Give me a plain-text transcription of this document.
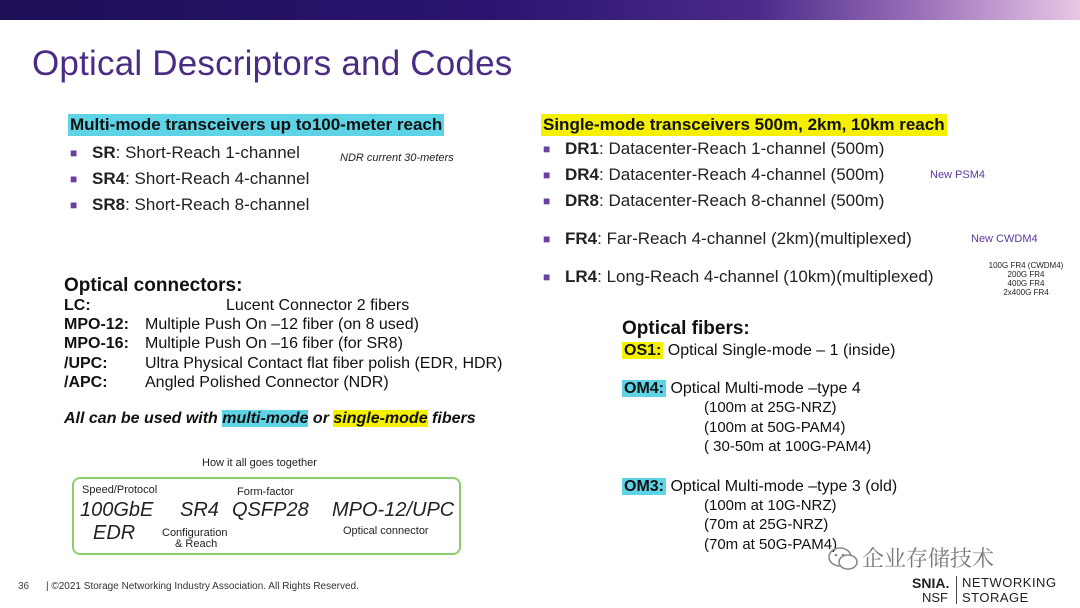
Optical Descriptors and Codes
Multi-mode transceivers up to100-meter reach
■ SR: Short-Reach 1-channel
■ SR4: Short-Reach 4-channel
■ SR8: Short-Reach 8-channel
NDR current 30-meters
Single-mode transceivers 500m, 2km, 10km reach
■ DR1: Datacenter-Reach 1-channel (500m)
■ DR4: Datacenter-Reach 4-channel (500m)
■ DR8: Datacenter-Reach 8-channel (500m)
■ FR4: Far-Reach 4-channel (2km)(multiplexed)
■ LR4: Long-Reach 4-channel (10km)(multiplexed)
New PSM4
New CWDM4
100G FR4 (CWDM4)
200G FR4
400G FR4
2x400G FR4
Optical connectors:
LC:	Lucent Connector 2 fibers
MPO-12: Multiple Push On –12 fiber (on 8 used)
MPO-16: Multiple Push On –16 fiber (for SR8)
/UPC: Ultra Physical Contact flat fiber polish (EDR, HDR)
/APC: Angled Polished Connector (NDR)
All can be used with multi-mode or single-mode fibers
How it all goes together
Speed/Protocol
100GbE
EDR
SR4
Configuration
& Reach
Form-factor
QSFP28 MPO-12/UPC
Optical connector
Optical fibers:
OS1: Optical Single-mode – 1 (inside)
OM4: Optical Multi-mode –type 4
(100m at 25G-NRZ)
(100m at 50G-PAM4)
( 30-50m at 100G-PAM4)
OM3: Optical Multi-mode –type 3 (old)
(100m at 10G-NRZ)
(70m at 25G-NRZ)
(70m at 50G-PAM4)
企业存储技术
36 | ©2021 Storage Networking Industry Association. All Rights Reserved.	SNIA.
NSF
NETWORKING
STORAGE
